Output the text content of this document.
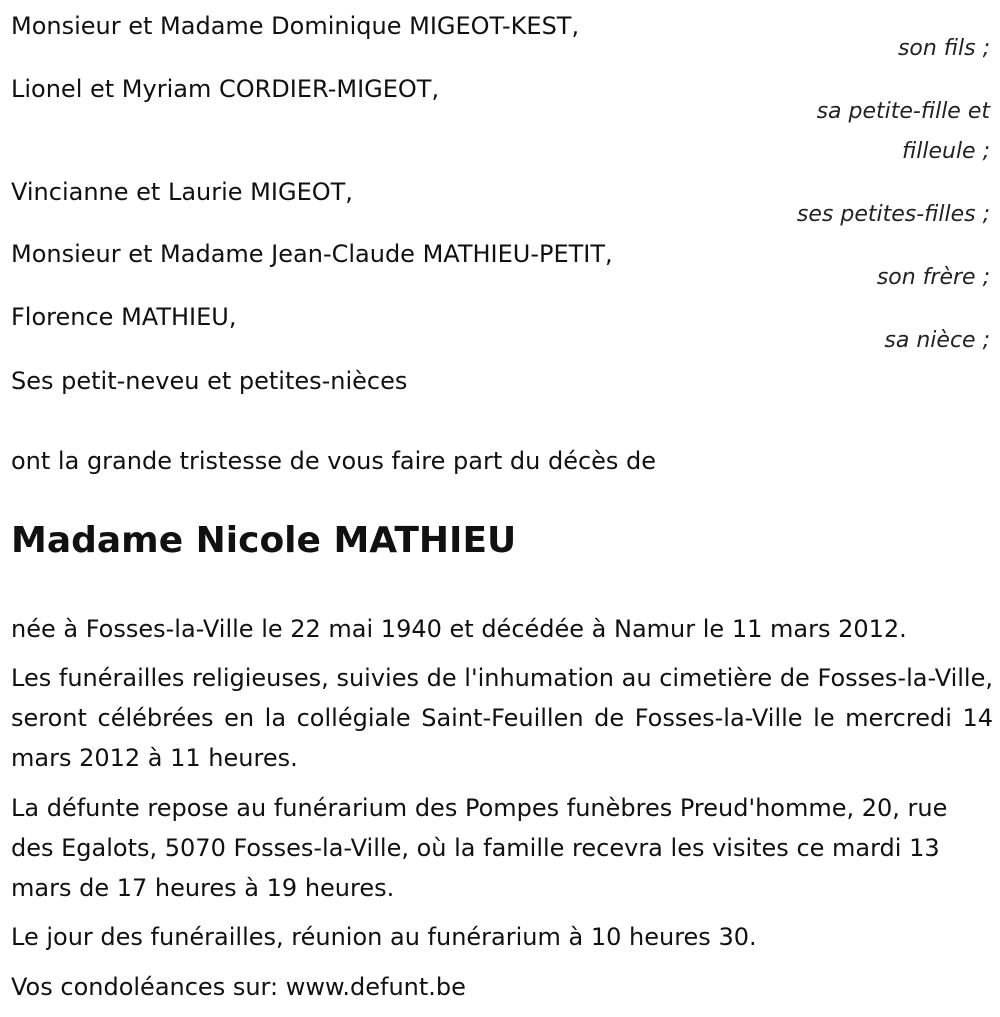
Monsieur et Madame Dominique MIGEOT-KEST,
son fils ;
Lionel et Myriam CORDIER-MIGEOT,
sa petite-fille et filleule ;
Vincianne et Laurie MIGEOT,
ses petites-filles ;
Monsieur et Madame Jean-Claude MATHIEU-PETIT,
son frère ;
Florence MATHIEU,
sa nièce ;
Ses petit-neveu et petites-nièces
ont la grande tristesse de vous faire part du décès de
Madame Nicole MATHIEU
née à Fosses-la-Ville le 22 mai 1940 et décédée à Namur le 11 mars 2012.
Les funérailles religieuses, suivies de l'inhumation au cimetière de Fosses-la-Ville, seront célébrées en la collégiale Saint-Feuillen de Fosses-la-Ville le mercredi 14 mars 2012 à 11 heures.
La défunte repose au funérarium des Pompes funèbres Preud'homme, 20, rue des Egalots, 5070 Fosses-la-Ville, où la famille recevra les visites ce mardi 13 mars de 17 heures à 19 heures.
Le jour des funérailles, réunion au funérarium à 10 heures 30.
Vos condoléances sur: www.defunt.be
